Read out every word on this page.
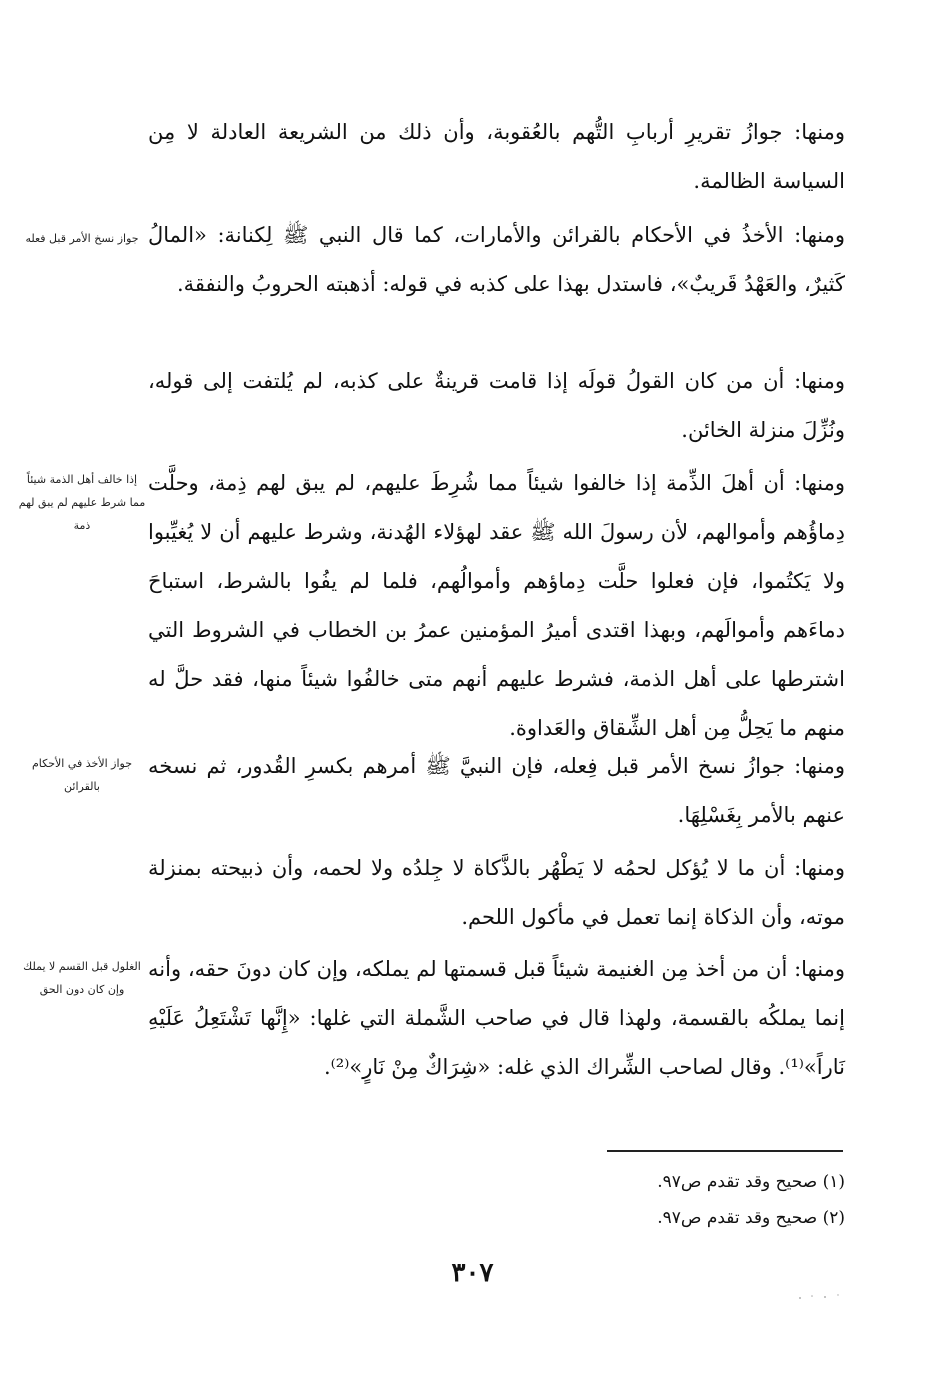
ومنها: جوازُ تقريرِ أربابِ التُّهم بالعُقوبة، وأن ذلك من الشريعة العادلة لا مِن السياسة الظالمة.

جواز نسخ الأمر قبل فعله ومنها: الأخذُ في الأحكام بالقرائن والأمارات، كما قال النبي ﷺ لِكنانة: «المالُ كَثيرٌ، والعَهْدُ قَريبٌ»، فاستدل بهذا على كذبه في قوله: أذهبته الحروبُ والنفقة.

ومنها: أن من كان القولُ قولَه إذا قامت قرينةٌ على كذبه، لم يُلتفت إلى قوله، ونُزِّلَ منزلة الخائن.

إذا خالف أهل الذمة شيئاً مما شرط عليهم لم يبق لهم ذمة

ومنها: أن أهلَ الذِّمة إذا خالفوا شيئاً مما شُرِطَ عليهم، لم يبق لهم ذِمة، وحلَّت دِماؤُهم وأموالهم، لأن رسولَ الله ﷺ عقد لهؤلاء الهُدنة، وشرط عليهم أن لا يُغيِّبوا ولا يَكتُموا، فإن فعلوا حلَّت دِماؤهم وأموالُهم، فلما لم يفُوا بالشرط، استباحَ دماءَهم وأموالَهم، وبهذا اقتدى أميرُ المؤمنين عمرُ بن الخطاب في الشروط التي اشترطها على أهل الذمة، فشرط عليهم أنهم متى خالفُوا شيئاً منها، فقد حلَّ له منهم ما يَحِلُّ مِن أهل الشِّقاق والعَداوة.

جواز الأخذ في الأحكام بالقرائن

ومنها: جوازُ نسخ الأمر قبل فِعله، فإن النبيَّ ﷺ أمرهم بكسرِ القُدور، ثم نسخه عنهم بالأمر بِغَسْلِهَا.

ومنها: أن ما لا يُؤكل لحمُه لا يَطْهُر بالذَّكاة لا جِلدُه ولا لحمه، وأن ذبيحته بمنزلة موته، وأن الذكاة إنما تعمل في مأكول اللحم.

الغلول قبل القسم لا يملك وإن كان دون الحق

ومنها: أن من أخذ مِن الغنيمة شيئاً قبل قسمتها لم يملكه، وإن كان دونَ حقه، وأنه إنما يملكُه بالقسمة، ولهذا قال في صاحب الشَّملة التي غلها: «إِنَّها تَشْتَعِلُ عَلَيْهِ نَاراً»⁽¹⁾. وقال لصاحب الشِّراك الذي غله: «شِرَاكٌ مِنْ نَارٍ»⁽²⁾.

(١) صحيح وقد تقدم ص٩٧.
(٢) صحيح وقد تقدم ص٩٧.
٣٠٧
